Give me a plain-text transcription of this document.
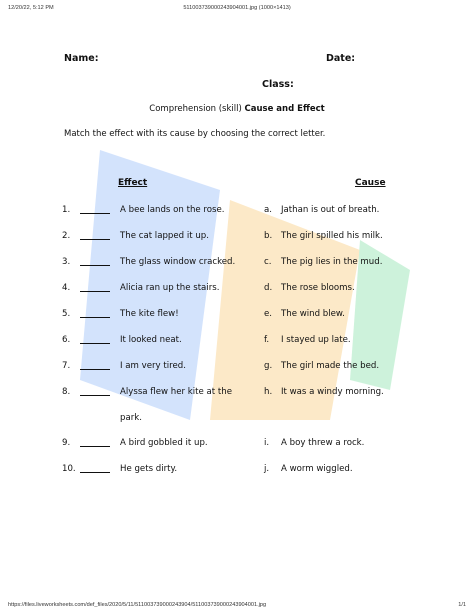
12/20/22, 5:12 PM	511003739000243904001.jpg (1000×1413)
Name:	Date:
Class:
Comprehension (skill) Cause and Effect
Match the effect with its cause by choosing the correct letter.
Effect	Cause
1.	A bee lands on the rose.	a. Jathan is out of breath.
2.	The cat lapped it up.	b. The girl spilled his milk.
3.	The glass window cracked.	c. The pig lies in the mud.
4.	Alicia ran up the stairs.	d. The rose blooms.
5.	The kite flew!	e. The wind blew.
6.	It looked neat.	f. I stayed up late.
7.	I am very tired.	g. The girl made the bed.
8.	Alyssa flew her kite at the	h. It was a windy morning.
park.
9.	A bird gobbled it up.	i. A boy threw a rock.
10.	He gets dirty.	j. A worm wiggled.
https://files.liveworksheets.com/def_files/2020/5/11/511003739000243904/511003739000243904001.jpg	1/1
